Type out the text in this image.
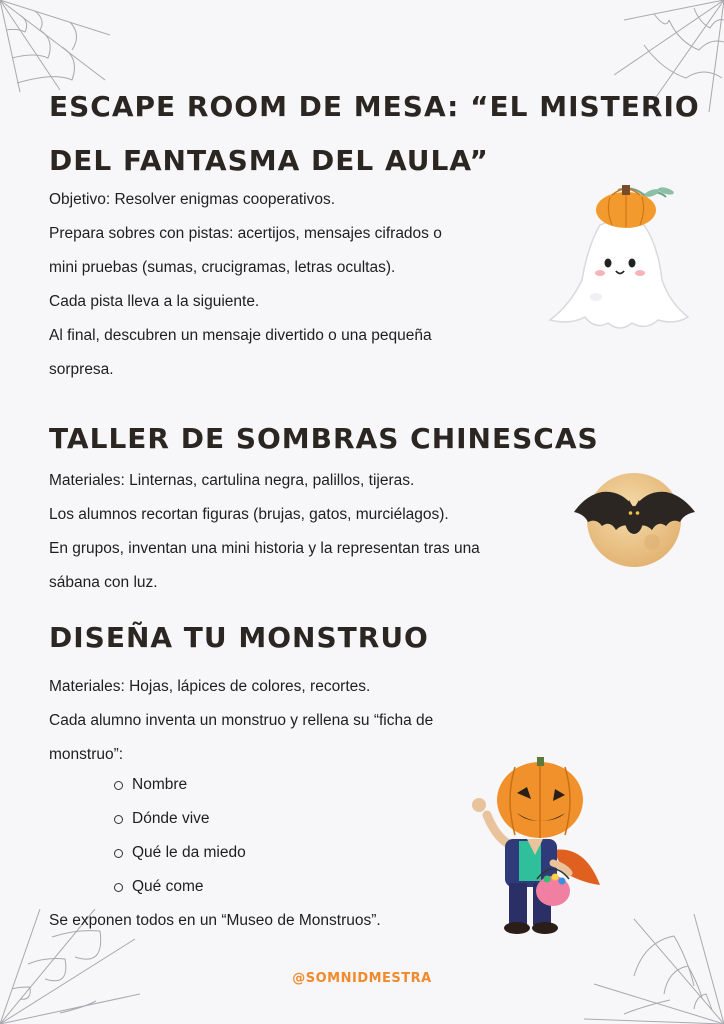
ESCAPE ROOM DE MESA: “EL MISTERIO
DEL FANTASMA DEL AULA”

Objetivo: Resolver enigmas cooperativos.

Prepara sobres con pistas: acertijos, mensajes cifrados o

mini pruebas (sumas, crucigramas, letras ocultas).

Cada pista lleva a la siguiente.

Al final, descubren un mensaje divertido o una pequeña

sorpresa.

TALLER DE SOMBRAS CHINESCAS

Materiales: Linternas, cartulina negra, palillos, tijeras.

Los alumnos recortan figuras (brujas, gatos, murciélagos).

En grupos, inventan una mini historia y la representan tras una

sábana con luz.

DISEÑA TU MONSTRUO

Materiales: Hojas, lápices de colores, recortes.

Cada alumno inventa un monstruo y rellena su “ficha de

monstruo”:

Nombre
Dónde vive
Qué le da miedo
Qué come

Se exponen todos en un “Museo de Monstruos”.

@SOMNIDMESTRA
